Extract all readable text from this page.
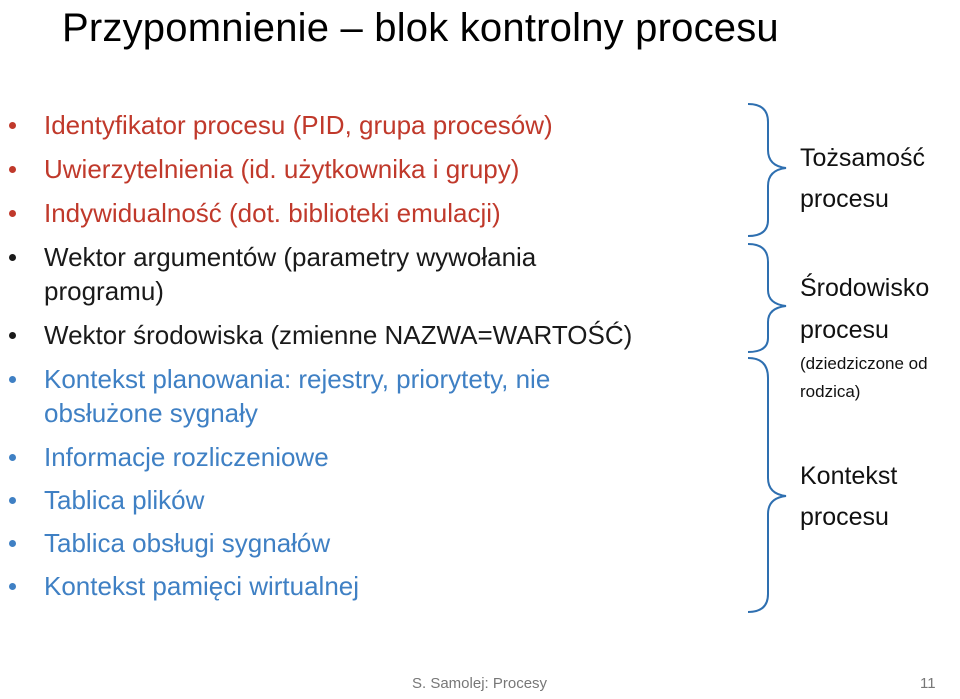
Przypomnienie – blok kontrolny procesu
Identyfikator procesu (PID, grupa procesów)
Uwierzytelnienia (id. użytkownika i grupy)
Indywidualność (dot. biblioteki emulacji)
Wektor argumentów (parametry wywołania
programu)
Wektor środowiska (zmienne NAZWA=WARTOŚĆ)
Kontekst planowania: rejestry, priorytety, nie
obsłużone sygnały
Informacje rozliczeniowe
Tablica plików
Tablica obsługi sygnałów
Kontekst pamięci wirtualnej
Tożsamość
procesu
Środowisko
procesu
(dziedziczone od
rodzica)
Kontekst
procesu
S. Samolej: Procesy	11
